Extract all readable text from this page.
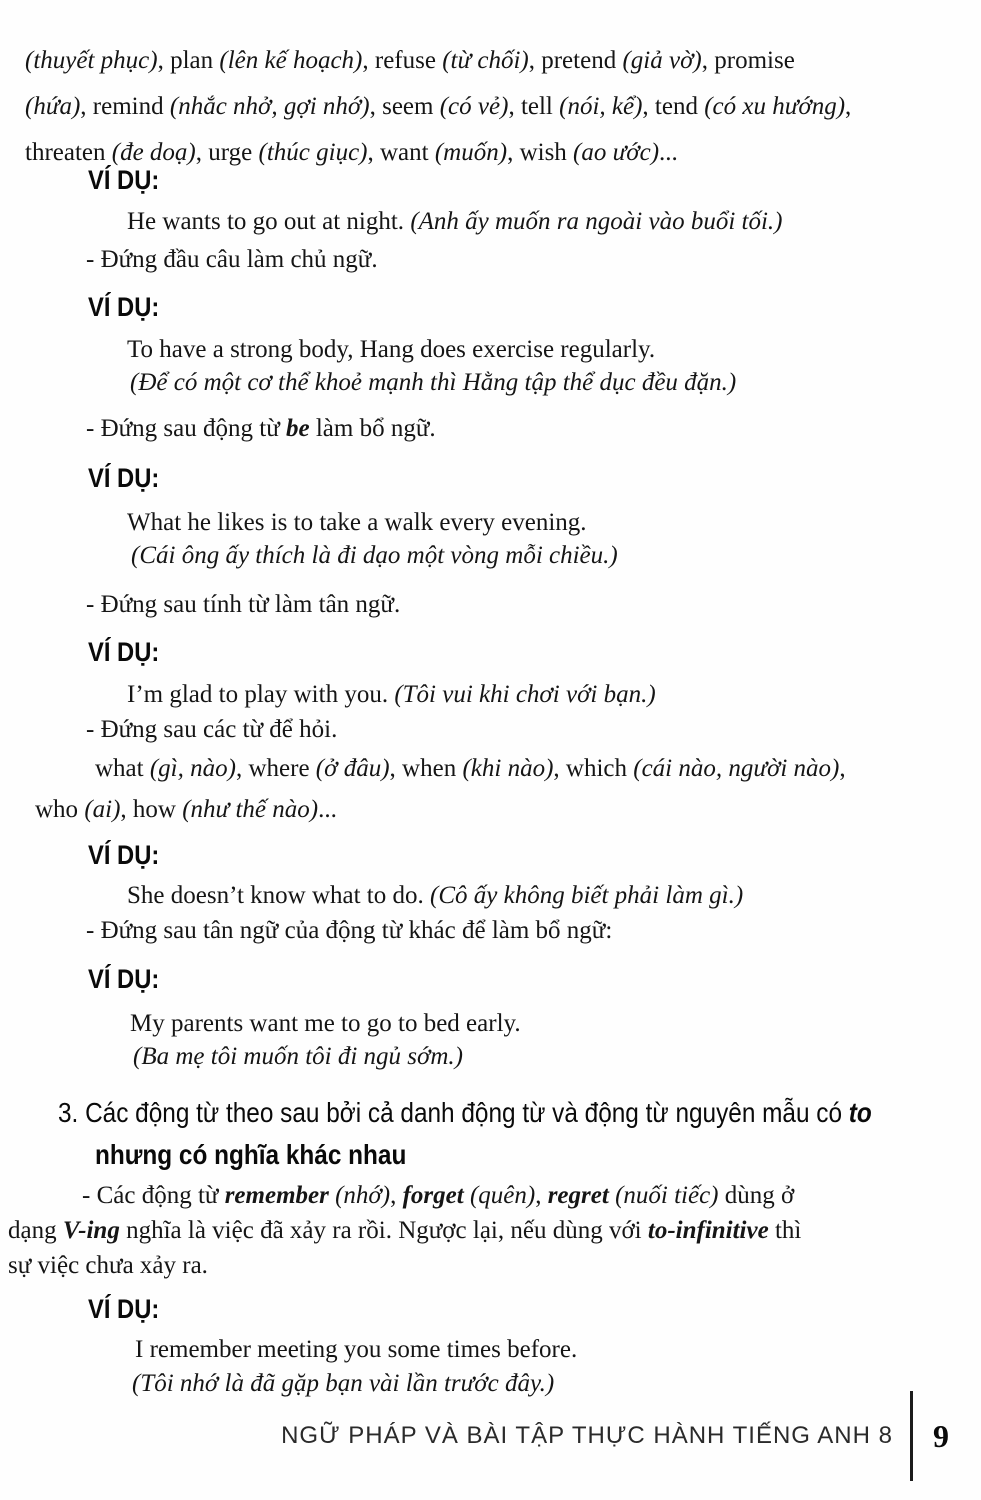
(thuyết phục), plan (lên kế hoạch), refuse (từ chối), pretend (giả vờ), promise
(hứa), remind (nhắc nhở, gợi nhớ), seem (có vẻ), tell (nói, kể), tend (có xu hướng),
threaten (đe doạ), urge (thúc giục), want (muốn), wish (ao ước)...
VÍ DỤ:
He wants to go out at night. (Anh ấy muốn ra ngoài vào buổi tối.)
- Đứng đầu câu làm chủ ngữ.
VÍ DỤ:
To have a strong body, Hang does exercise regularly.
(Để có một cơ thể khoẻ mạnh thì Hằng tập thể dục đều đặn.)
- Đứng sau động từ be làm bổ ngữ.
VÍ DỤ:
What he likes is to take a walk every evening.
(Cái ông ấy thích là đi dạo một vòng mỗi chiều.)
- Đứng sau tính từ làm tân ngữ.
VÍ DỤ:
I’m glad to play with you. (Tôi vui khi chơi với bạn.)
- Đứng sau các từ để hỏi.
what (gì, nào), where (ở đâu), when (khi nào), which (cái nào, người nào),
who (ai), how (như thế nào)...
VÍ DỤ:
She doesn’t know what to do. (Cô ấy không biết phải làm gì.)
- Đứng sau tân ngữ của động từ khác để làm bổ ngữ:
VÍ DỤ:
My parents want me to go to bed early.
(Ba mẹ tôi muốn tôi đi ngủ sớm.)
3. Các động từ theo sau bởi cả danh động từ và động từ nguyên mẫu có to
nhưng có nghĩa khác nhau
- Các động từ remember (nhớ), forget (quên), regret (nuối tiếc) dùng ở
dạng V-ing nghĩa là việc đã xảy ra rồi. Ngược lại, nếu dùng với to-infinitive thì
sự việc chưa xảy ra.
VÍ DỤ:
I remember meeting you some times before.
(Tôi nhớ là đã gặp bạn vài lần trước đây.)
NGỮ PHÁP VÀ BÀI TẬP THỰC HÀNH TIẾNG ANH 8	9
